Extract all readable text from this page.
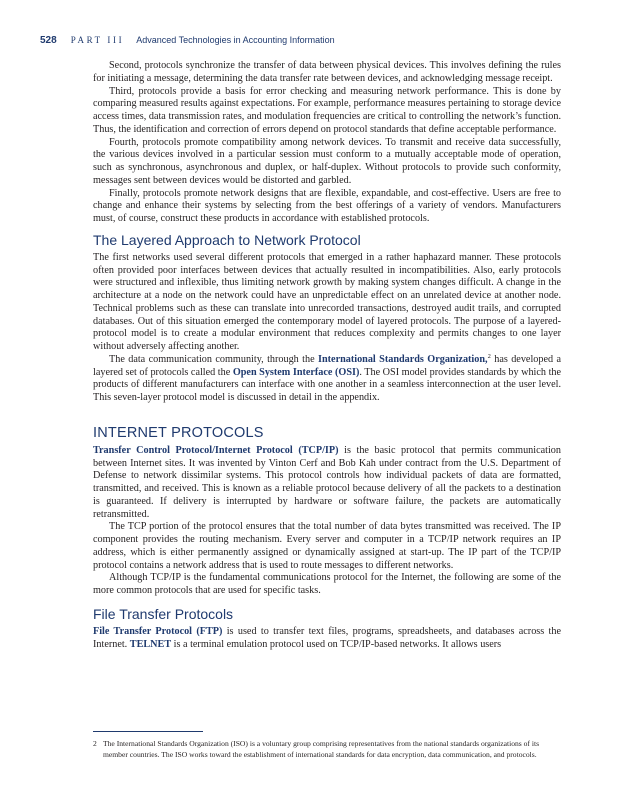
528 PART III Advanced Technologies in Accounting Information

Second, protocols synchronize the transfer of data between physical devices. This involves defining the rules for initiating a message, determining the data transfer rate between devices, and acknowledging message receipt.

Third, protocols provide a basis for error checking and measuring network performance. This is done by comparing measured results against expectations. For example, performance measures pertaining to storage device access times, data transmission rates, and modulation frequencies are critical to controlling the network’s function. Thus, the identification and correction of errors depend on protocol standards that define acceptable performance.

Fourth, protocols promote compatibility among network devices. To transmit and receive data successfully, the various devices involved in a particular session must conform to a mutually acceptable mode of operation, such as synchronous, asynchronous and duplex, or half-duplex. Without protocols to provide such conformity, messages sent between devices would be distorted and garbled.

Finally, protocols promote network designs that are flexible, expandable, and cost-effective. Users are free to change and enhance their systems by selecting from the best offerings of a variety of vendors. Manufacturers must, of course, construct these products in accordance with established protocols.

The Layered Approach to Network Protocol

The first networks used several different protocols that emerged in a rather haphazard manner. These protocols often provided poor interfaces between devices that actually resulted in incompatibilities. Also, early protocols were structured and inflexible, thus limiting network growth by making system changes difficult. A change in the architecture at a node on the network could have an unpredictable effect on an unrelated device at another node. Technical problems such as these can translate into unrecorded transactions, destroyed audit trails, and corrupted databases. Out of this situation emerged the contemporary model of layered protocols. The purpose of a layered-protocol model is to create a modular environment that reduces complexity and permits changes to one layer without adversely affecting another.

The data communication community, through the International Standards Organization,$^2$ has developed a layered set of protocols called the Open System Interface (OSI). The OSI model provides standards by which the products of different manufacturers can interface with one another in a seamless interconnection at the user level. This seven-layer protocol model is discussed in detail in the appendix.

INTERNET PROTOCOLS

Transfer Control Protocol/Internet Protocol (TCP/IP) is the basic protocol that permits communication between Internet sites. It was invented by Vinton Cerf and Bob Kah under contract from the U.S. Department of Defense to network dissimilar systems. This protocol controls how individual packets of data are formatted, transmitted, and received. This is known as a reliable protocol because delivery of all the packets to a destination is guaranteed. If delivery is interrupted by hardware or software failure, the packets are automatically retransmitted.

The TCP portion of the protocol ensures that the total number of data bytes transmitted was received. The IP component provides the routing mechanism. Every server and computer in a TCP/IP network requires an IP address, which is either permanently assigned or dynamically assigned at start-up. The IP part of the TCP/IP protocol contains a network address that is used to route messages to different networks.

Although TCP/IP is the fundamental communications protocol for the Internet, the following are some of the more common protocols that are used for specific tasks.

File Transfer Protocols

File Transfer Protocol (FTP) is used to transfer text files, programs, spreadsheets, and databases across the Internet. TELNET is a terminal emulation protocol used on TCP/IP-based networks. It allows users

2 The International Standards Organization (ISO) is a voluntary group comprising representatives from the national standards organizations of its member countries. The ISO works toward the establishment of international standards for data encryption, data communication, and protocols.
